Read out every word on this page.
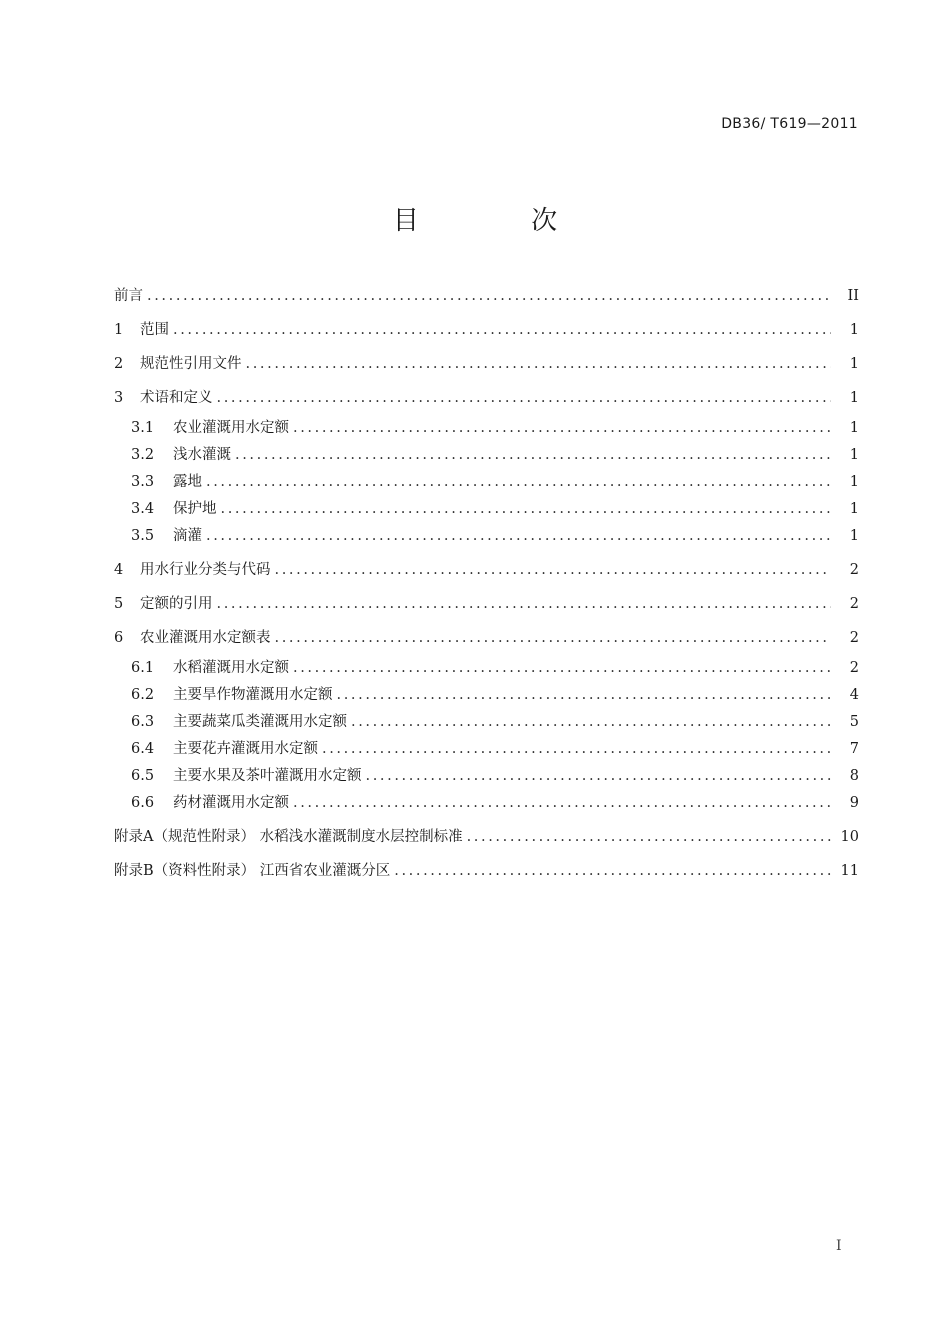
DB36/ T619—2011
目 次
前言 .....	II
1	范围 .....	1
2	规范性引用文件 .....	1
3	术语和定义 .....	1
3.1	农业灌溉用水定额 .....	1
3.2	浅水灌溉 .....	1
3.3	露地 .....	1
3.4	保护地 .....	1
3.5	滴灌 .....	1
4	用水行业分类与代码 .....	2
5	定额的引用 .....	2
6	农业灌溉用水定额表 .....	2
6.1	水稻灌溉用水定额 .....	2
6.2	主要旱作物灌溉用水定额 .....	4
6.3	主要蔬菜瓜类灌溉用水定额 .....	5
6.4	主要花卉灌溉用水定额 .....	7
6.5	主要水果及茶叶灌溉用水定额 .....	8
6.6	药材灌溉用水定额 .....	9
附录A（规范性附录） 水稻浅水灌溉制度水层控制标准 .....	10
附录B（资料性附录） 江西省农业灌溉分区 .....	11
I
